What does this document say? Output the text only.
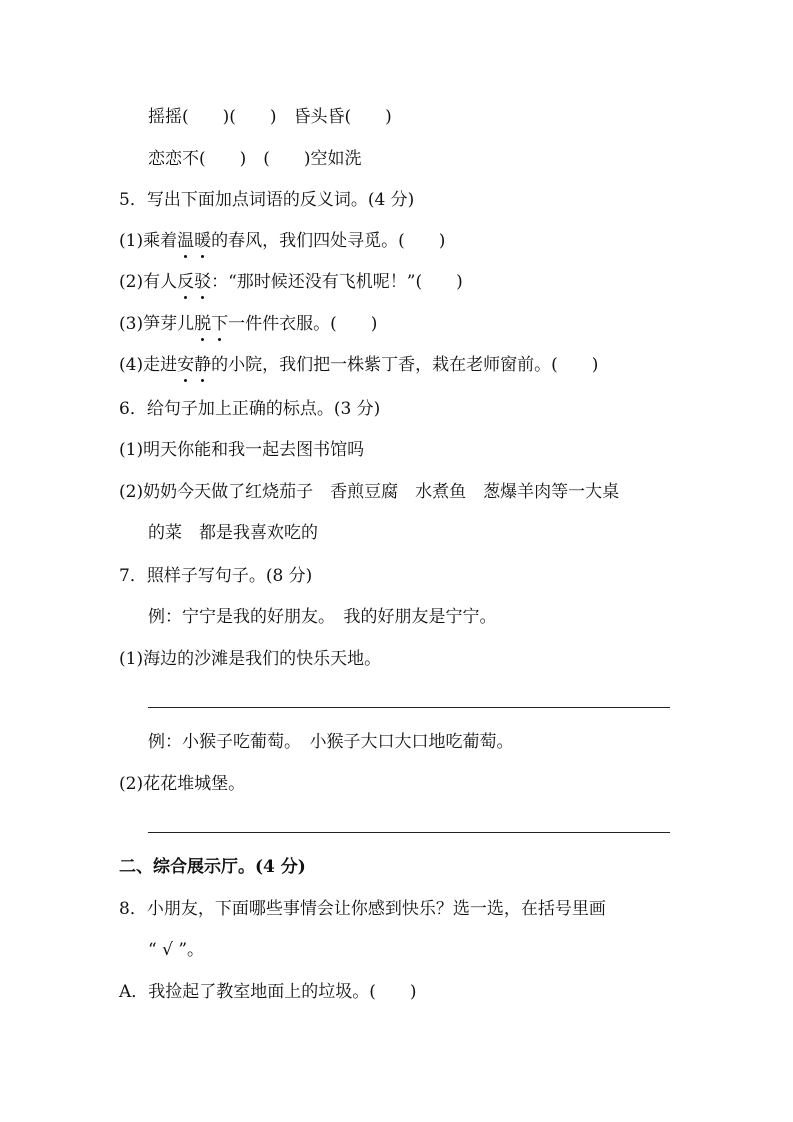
摇摇(　　)(　　)　昏头昏(　　)
恋恋不(　　)　(　　)空如洗
5．写出下面加点词语的反义词。(4 分)
(1)乘着温暖的春风，我们四处寻觅。(　　)
(2)有人反驳：“那时候还没有飞机呢！”(　　)
(3)笋芽儿脱下一件件衣服。(　　)
(4)走进安静的小院，我们把一株紫丁香，栽在老师窗前。(　　)
6．给句子加上正确的标点。(3 分)
(1)明天你能和我一起去图书馆吗
(2)奶奶今天做了红烧茄子　香煎豆腐　水煮鱼　葱爆羊肉等一大桌
的菜　都是我喜欢吃的
7．照样子写句子。(8 分)
例：宁宁是我的好朋友。　我的好朋友是宁宁。
(1)海边的沙滩是我们的快乐天地。
例：小猴子吃葡萄。　小猴子大口大口地吃葡萄。
(2)花花堆城堡。
二、综合展示厅。(4 分)
8．小朋友，下面哪些事情会让你感到快乐？选一选，在括号里画
“ √ ”。
A．我捡起了教室地面上的垃圾。(　　)
